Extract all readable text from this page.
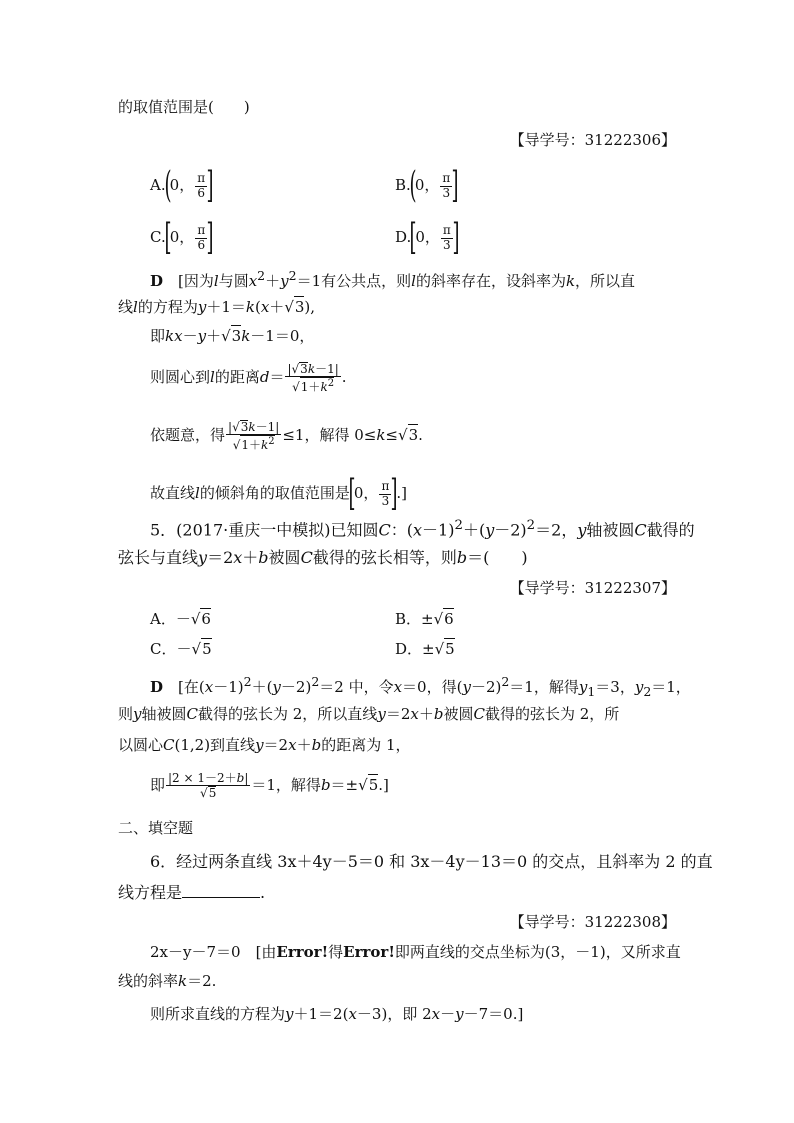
的取值范围是(　　)
【导学号：31222306】
A.(0， $\frac{\pi}{6}$ ]	B.(0， $\frac{\pi}{3}$ ]
C.[0， $\frac{\pi}{6}$ ]	D.[0， $\frac{\pi}{3}$ ]
D　[因为l与圆$x^2+y^2=1$有公共点，则l的斜率存在，设斜率为k，所以直
线l的方程为y＋1＝k(x＋√3),
即kx－y＋√3k－1＝0，
则圆心到l的距离$d= \frac{|√3k-1|}{√1+k^2}$ .
依题意，得 $\frac{|√3k-1|}{√1+k^2} \le 1$，解得 0≤k≤√3.
故直线l的倾斜角的取值范围是[0， $\frac{\pi}{3}$ ].]
5．(2017·重庆一中模拟)已知圆C：$(x-1)^2+(y-2)^2=2$，y轴被圆C截得的
弦长与直线y＝2x＋b被圆C截得的弦长相等，则b＝(　　)
【导学号：31222307】
A．－√6	B．±√6
C．－√5	D．±√5
D　[在$(x-1)^2+(y-2)^2=2$ 中，令x＝0，得$(y-2)^2=1$，解得$y_1=3$，$y_2=1$，
则y轴被圆C截得的弦长为 2，所以直线y＝2x＋b被圆C截得的弦长为 2，所
以圆心C(1,2)到直线y＝2x＋b的距离为 1，
即 $\frac{|2 \times 1-2+b|}{√5} =1$，解得b＝±√5.]
二、填空题
6．经过两条直线 3x＋4y－5＝0 和 3x－4y－13＝0 的交点，且斜率为 2 的直
线方程是	.
【导学号：31222308】
2x－y－7＝0　[由Error!得Error!即两直线的交点坐标为(3，－1)，又所求直
线的斜率k＝2.
则所求直线的方程为y＋1＝2(x－3)，即 2x－y－7＝0.]
